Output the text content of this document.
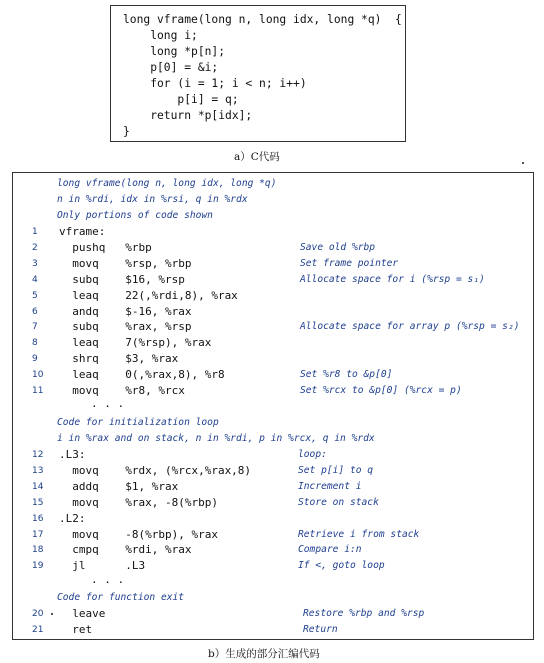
long vframe(long n, long idx, long *q)  {
long i;
long *p[n];
p[0] = &i;
for (i = 1; i < n; i++)
p[i] = q;
return *p[idx];
}
a）C代码
long vframe(long n, long idx, long *q)
n in %rdi, idx in %rsi, q in %rdx
Only portions of code shown
1	vframe:
2	pushq   %rbp	Save old %rbp
3	movq    %rsp, %rbp	Set frame pointer
4	subq    $16, %rsp	Allocate space for i (%rsp = s₁)
5	leaq    22(,%rdi,8), %rax
6	andq    $-16, %rax
7	subq    %rax, %rsp	Allocate space for array p (%rsp = s₂)
8	leaq    7(%rsp), %rax
9	shrq    $3, %rax
10	leaq    0(,%rax,8), %r8	Set %r8 to &p[0]
11	movq    %r8, %rcx	Set %rcx to &p[0] (%rcx = p)
. . .
Code for initialization loop
i in %rax and on stack, n in %rdi, p in %rcx, q in %rdx
12	.L3:	loop:
13	movq    %rdx, (%rcx,%rax,8)	Set p[i] to q
14	addq    $1, %rax	Increment i
15	movq    %rax, -8(%rbp)	Store on stack
16	.L2:
17	movq    -8(%rbp), %rax	Retrieve i from stack
18	cmpq    %rdi, %rax	Compare i:n
19	jl      .L3	If <, goto loop
. . .
Code for function exit
20	leave	Restore %rbp and %rsp
21	ret	Return
b）生成的部分汇编代码
